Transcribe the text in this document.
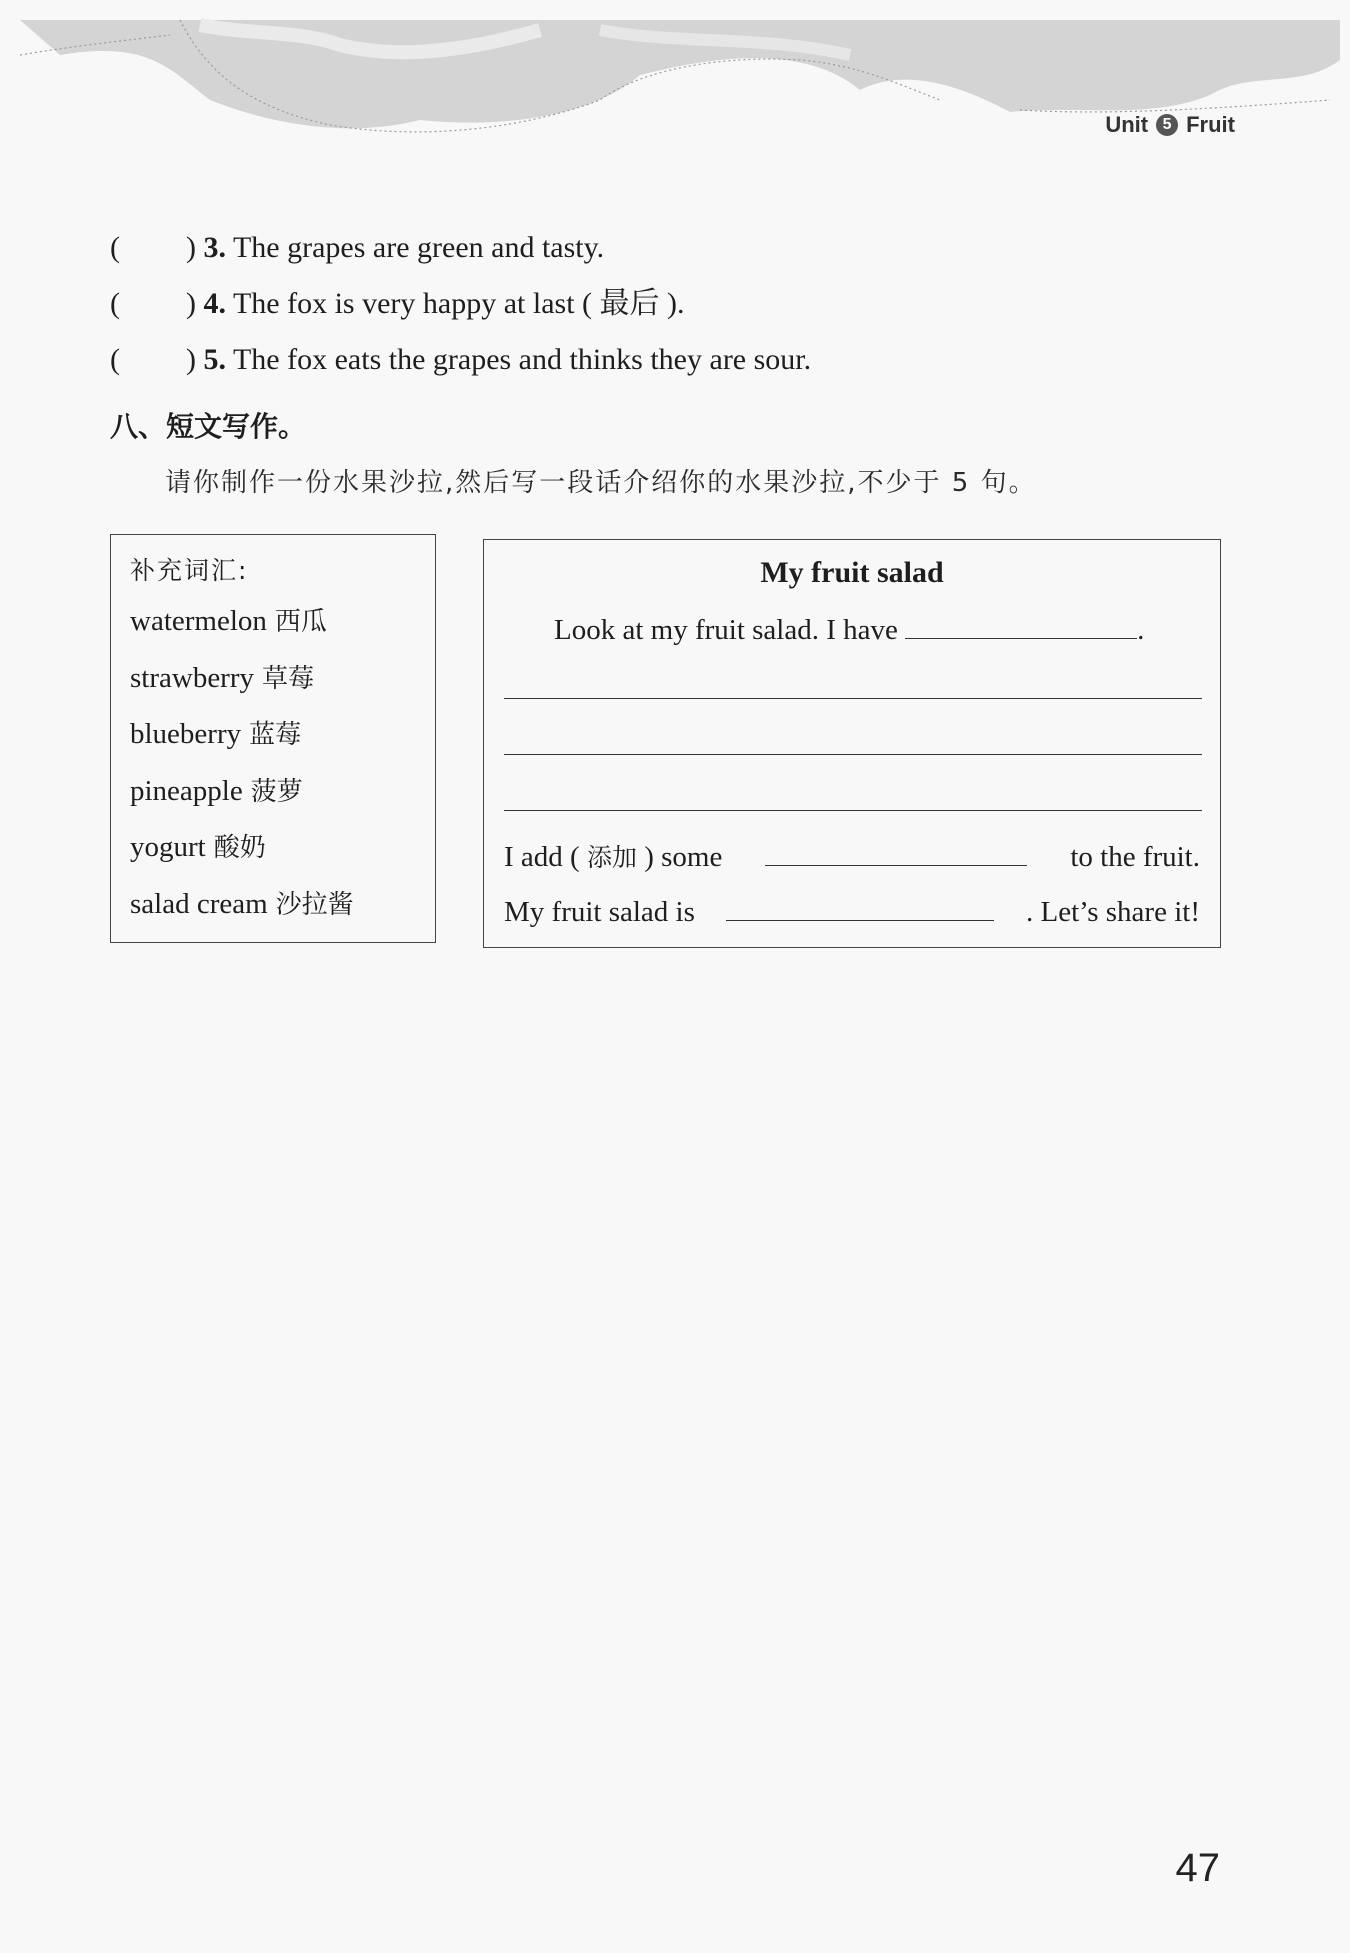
Unit 5 Fruit
( ) 3. The grapes are green and tasty.
( ) 4. The fox is very happy at last ( 最后 ).
( ) 5. The fox eats the grapes and thinks they are sour.
八、短文写作。
请你制作一份水果沙拉,然后写一段话介绍你的水果沙拉,不少于 5 句。
补充词汇:
watermelon 西瓜
strawberry 草莓
blueberry 蓝莓
pineapple 菠萝
yogurt 酸奶
salad cream 沙拉酱
My fruit salad
Look at my fruit salad. I have	.
I add ( 添加 ) some	to the fruit.
My fruit salad is	. Let’s share it!
47
